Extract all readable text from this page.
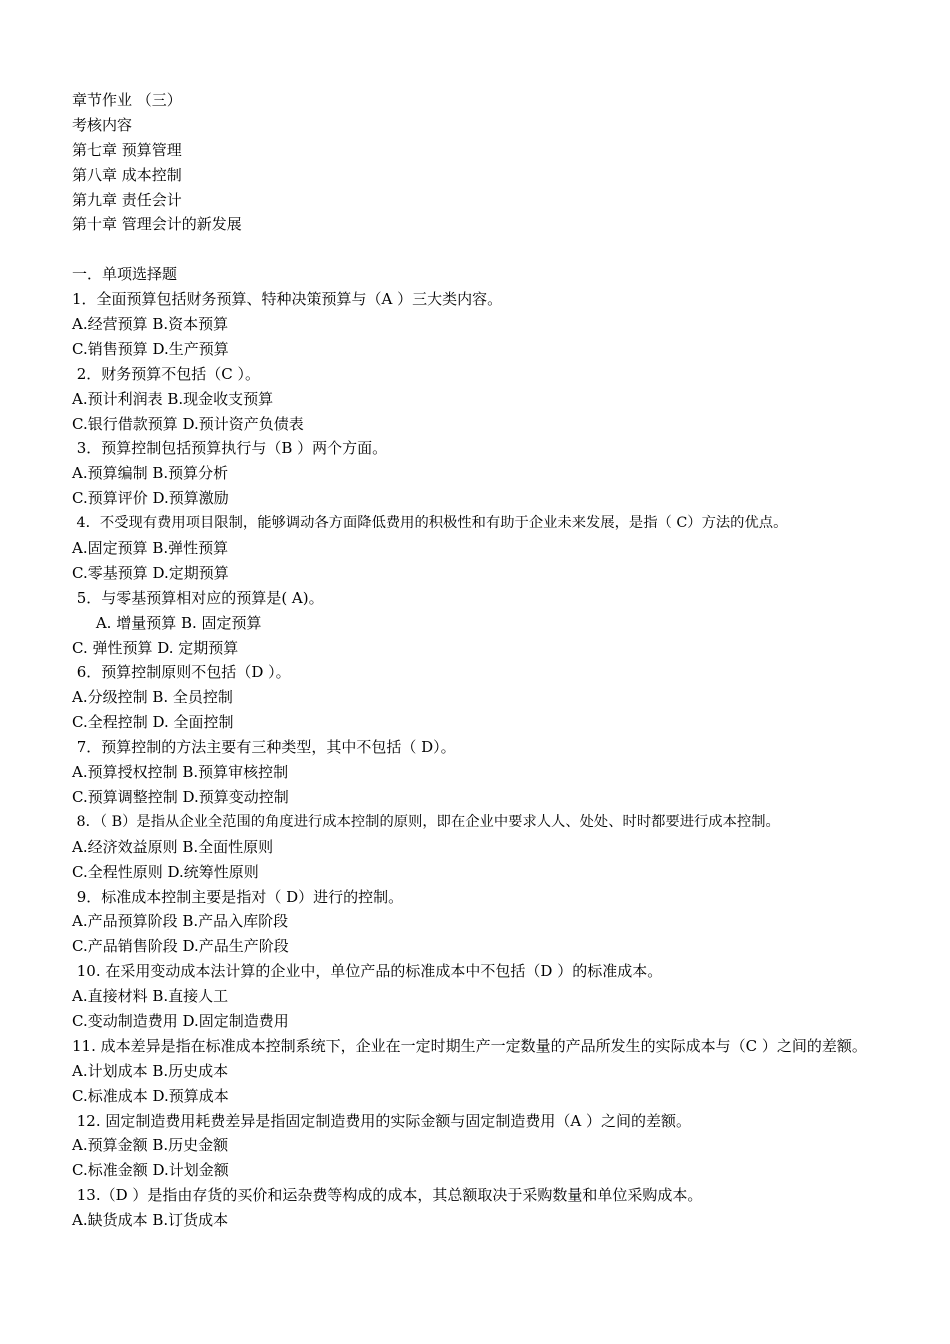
章节作业 （三）
考核内容
第七章 预算管理
第八章 成本控制
第九章 责任会计
第十章 管理会计的新发展
一．单项选择题
1．全面预算包括财务预算、特种决策预算与（A ）三大类内容。
A.经营预算 B.资本预算
C.销售预算 D.生产预算
2．财务预算不包括（C ）。
A.预计利润表 B.现金收支预算
C.银行借款预算 D.预计资产负债表
3．预算控制包括预算执行与（B ）两个方面。
A.预算编制 B.预算分析
C.预算评价 D.预算激励
4．不受现有费用项目限制，能够调动各方面降低费用的积极性和有助于企业未来发展，是指（ C）方法的优点。
A.固定预算 B.弹性预算
C.零基预算 D.定期预算
5．与零基预算相对应的预算是( A)。
A. 增量预算 B. 固定预算
C. 弹性预算 D. 定期预算
6．预算控制原则不包括（D ）。
A.分级控制 B. 全员控制
C.全程控制 D. 全面控制
7．预算控制的方法主要有三种类型，其中不包括（ D）。
A.预算授权控制 B.预算审核控制
C.预算调整控制 D.预算变动控制
8．（ B）是指从企业全范围的角度进行成本控制的原则，即在企业中要求人人、处处、时时都要进行成本控制。
A.经济效益原则 B.全面性原则
C.全程性原则 D.统筹性原则
9．标准成本控制主要是指对（ D）进行的控制。
A.产品预算阶段 B.产品入库阶段
C.产品销售阶段 D.产品生产阶段
10. 在采用变动成本法计算的企业中，单位产品的标准成本中不包括（D ）的标准成本。
A.直接材料 B.直接人工
C.变动制造费用 D.固定制造费用
11. 成本差异是指在标准成本控制系统下，企业在一定时期生产一定数量的产品所发生的实际成本与（C ）之间的差额。
A.计划成本 B.历史成本
C.标准成本 D.预算成本
12. 固定制造费用耗费差异是指固定制造费用的实际金额与固定制造费用（A ）之间的差额。
A.预算金额 B.历史金额
C.标准金额 D.计划金额
13.（D ）是指由存货的买价和运杂费等构成的成本，其总额取决于采购数量和单位采购成本。
A.缺货成本 B.订货成本
